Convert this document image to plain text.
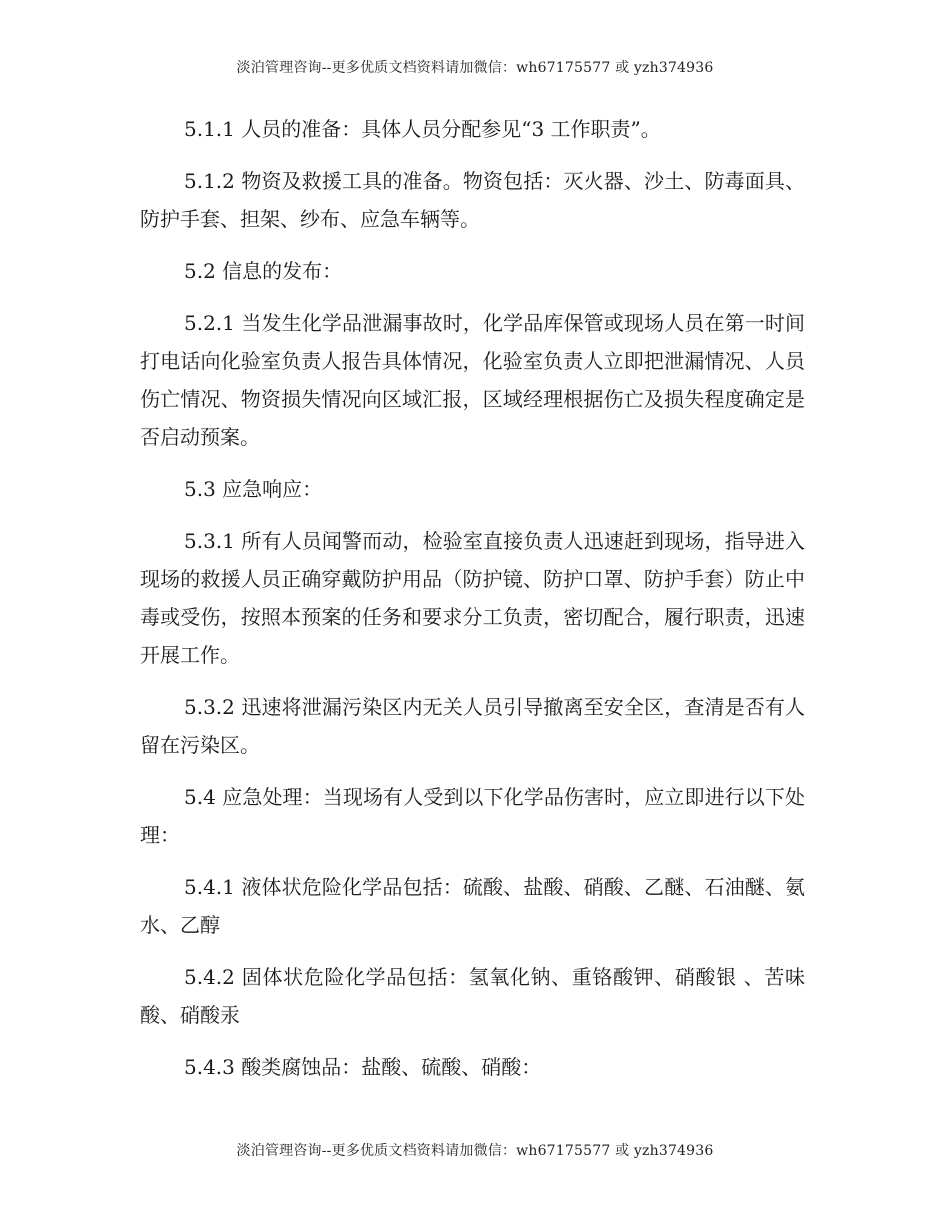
淡泊管理咨询--更多优质文档资料请加微信：wh67175577 或 yzh374936

5.1.1 人员的准备：具体人员分配参见“3 工作职责”。

5.1.2 物资及救援工具的准备。物资包括：灭火器、沙土、防毒面具、防护手套、担架、纱布、应急车辆等。

5.2 信息的发布：

5.2.1 当发生化学品泄漏事故时，化学品库保管或现场人员在第一时间打电话向化验室负责人报告具体情况，化验室负责人立即把泄漏情况、人员伤亡情况、物资损失情况向区域汇报，区域经理根据伤亡及损失程度确定是否启动预案。

5.3 应急响应：

5.3.1 所有人员闻警而动，检验室直接负责人迅速赶到现场，指导进入现场的救援人员正确穿戴防护用品（防护镜、防护口罩、防护手套）防止中毒或受伤，按照本预案的任务和要求分工负责，密切配合，履行职责，迅速开展工作。

5.3.2 迅速将泄漏污染区内无关人员引导撤离至安全区，查清是否有人留在污染区。

5.4 应急处理：当现场有人受到以下化学品伤害时，应立即进行以下处理：

5.4.1 液体状危险化学品包括：硫酸、盐酸、硝酸、乙醚、石油醚、氨水、乙醇

5.4.2 固体状危险化学品包括：氢氧化钠、重铬酸钾、硝酸银 、苦味酸、硝酸汞

5.4.3 酸类腐蚀品：盐酸、硫酸、硝酸：

淡泊管理咨询--更多优质文档资料请加微信：wh67175577 或 yzh374936
